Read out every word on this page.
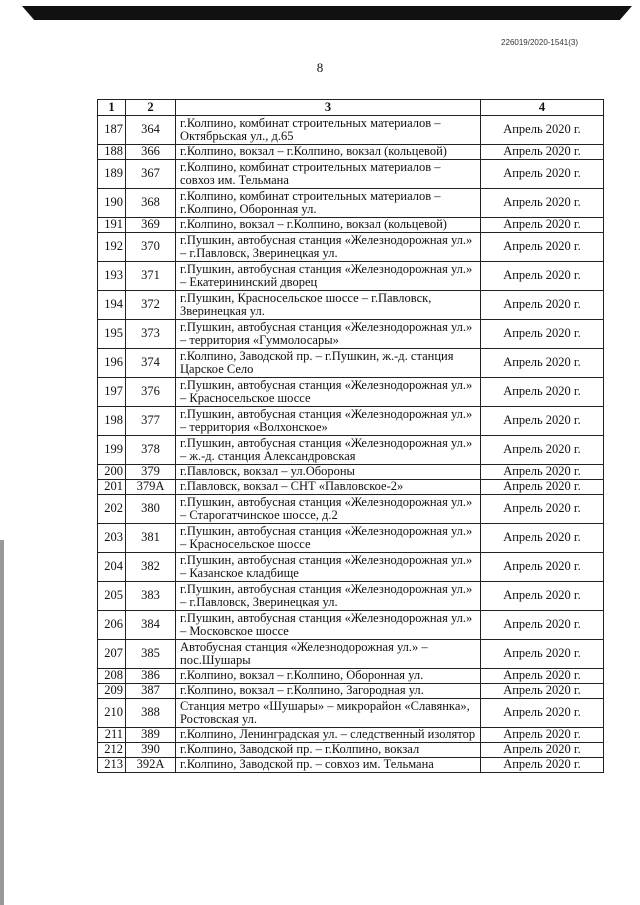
226019/2020-1541(3)
8
1	2	3	4
187	364	г.Колпино, комбинат строительных материалов – Октябрьская ул., д.65	Апрель 2020 г.
188	366	г.Колпино, вокзал – г.Колпино, вокзал (кольцевой)	Апрель 2020 г.
189	367	г.Колпино, комбинат строительных материалов – совхоз им. Тельмана	Апрель 2020 г.
190	368	г.Колпино, комбинат строительных материалов – г.Колпино, Оборонная ул.	Апрель 2020 г.
191	369	г.Колпино, вокзал – г.Колпино, вокзал (кольцевой)	Апрель 2020 г.
192	370	г.Пушкин, автобусная станция «Железнодорожная ул.» – г.Павловск, Зверинецкая ул.	Апрель 2020 г.
193	371	г.Пушкин, автобусная станция «Железнодорожная ул.» – Екатерининский дворец	Апрель 2020 г.
194	372	г.Пушкин, Красносельское шоссе – г.Павловск, Зверинецкая ул.	Апрель 2020 г.
195	373	г.Пушкин, автобусная станция «Железнодорожная ул.» – территория «Гуммолосары»	Апрель 2020 г.
196	374	г.Колпино, Заводской пр. – г.Пушкин, ж.-д. станция Царское Село	Апрель 2020 г.
197	376	г.Пушкин, автобусная станция «Железнодорожная ул.» – Красносельское шоссе	Апрель 2020 г.
198	377	г.Пушкин, автобусная станция «Железнодорожная ул.» – территория «Волхонское»	Апрель 2020 г.
199	378	г.Пушкин, автобусная станция «Железнодорожная ул.» – ж.-д. станция Александровская	Апрель 2020 г.
200	379	г.Павловск, вокзал – ул.Обороны	Апрель 2020 г.
201	379А	г.Павловск, вокзал – СНТ «Павловское-2»	Апрель 2020 г.
202	380	г.Пушкин, автобусная станция «Железнодорожная ул.» – Старогатчинское шоссе, д.2	Апрель 2020 г.
203	381	г.Пушкин, автобусная станция «Железнодорожная ул.» – Красносельское шоссе	Апрель 2020 г.
204	382	г.Пушкин, автобусная станция «Железнодорожная ул.» – Казанское кладбище	Апрель 2020 г.
205	383	г.Пушкин, автобусная станция «Железнодорожная ул.» – г.Павловск, Зверинецкая ул.	Апрель 2020 г.
206	384	г.Пушкин, автобусная станция «Железнодорожная ул.» – Московское шоссе	Апрель 2020 г.
207	385	Автобусная станция «Железнодорожная ул.» – пос.Шушары	Апрель 2020 г.
208	386	г.Колпино, вокзал – г.Колпино, Оборонная ул.	Апрель 2020 г.
209	387	г.Колпино, вокзал – г.Колпино, Загородная ул.	Апрель 2020 г.
210	388	Станция метро «Шушары» – микрорайон «Славянка», Ростовская ул.	Апрель 2020 г.
211	389	г.Колпино, Ленинградская ул. – следственный изолятор	Апрель 2020 г.
212	390	г.Колпино, Заводской пр. – г.Колпино, вокзал	Апрель 2020 г.
213	392А	г.Колпино, Заводской пр. – совхоз им. Тельмана	Апрель 2020 г.
